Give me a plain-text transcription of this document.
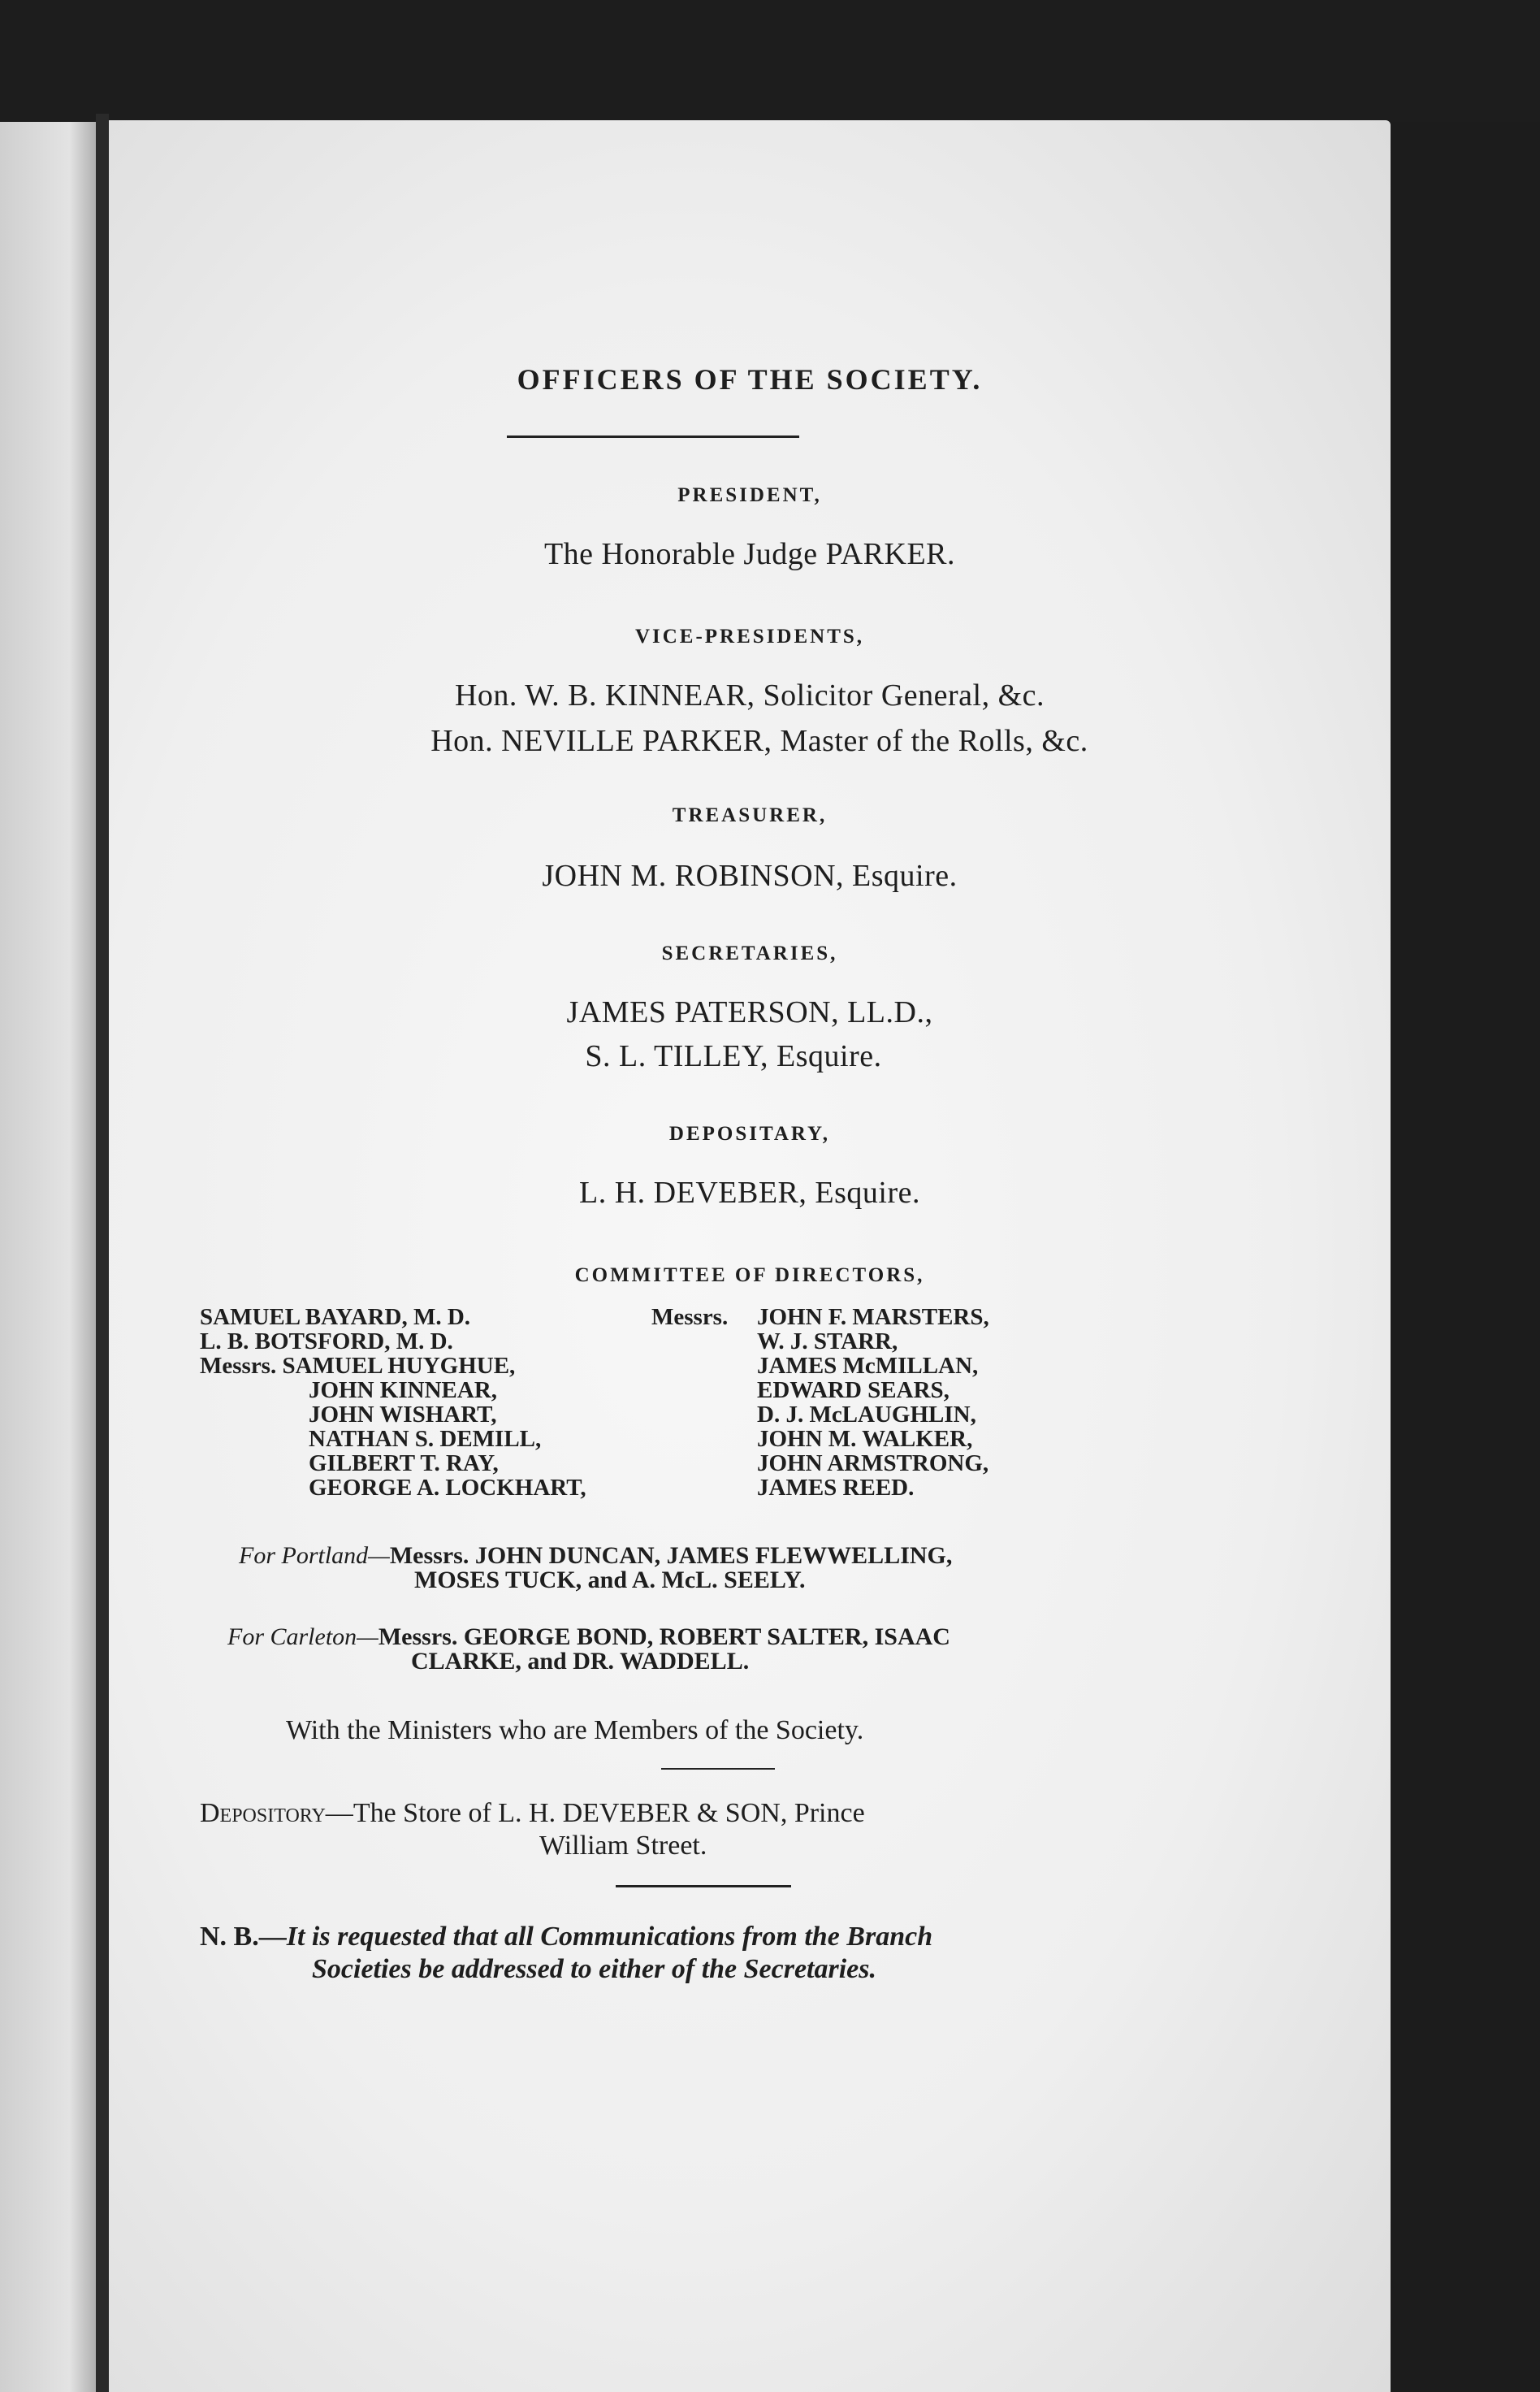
OFFICERS OF THE SOCIETY.
PRESIDENT,
The Honorable Judge PARKER.
VICE-PRESIDENTS,
Hon. W. B. KINNEAR, Solicitor General, &c.
Hon. NEVILLE PARKER, Master of the Rolls, &c.
TREASURER,
JOHN M. ROBINSON, Esquire.
SECRETARIES,
JAMES PATERSON, LL.D.,
S. L. TILLEY, Esquire.
DEPOSITARY,
L. H. DEVEBER, Esquire.
COMMITTEE OF DIRECTORS,
SAMUEL BAYARD, M. D.
L. B. BOTSFORD, M. D.
Messrs. SAMUEL HUYGHUE,
JOHN KINNEAR,
JOHN WISHART,
NATHAN S. DEMILL,
GILBERT T. RAY,
GEORGE A. LOCKHART,
Messrs. JOHN F. MARSTERS,
W. J. STARR,
JAMES McMILLAN,
EDWARD SEARS,
D. J. McLAUGHLIN,
JOHN M. WALKER,
JOHN ARMSTRONG,
JAMES REED.
For Portland—Messrs. JOHN DUNCAN, JAMES FLEWWELLING,
MOSES TUCK, and A. McL. SEELY.
For Carleton—Messrs. GEORGE BOND, ROBERT SALTER, ISAAC
CLARKE, and DR. WADDELL.
With the Ministers who are Members of the Society.
Depository—The Store of L. H. DEVEBER & SON, Prince
William Street.
N. B.—It is requested that all Communications from the Branch
Societies be addressed to either of the Secretaries.
